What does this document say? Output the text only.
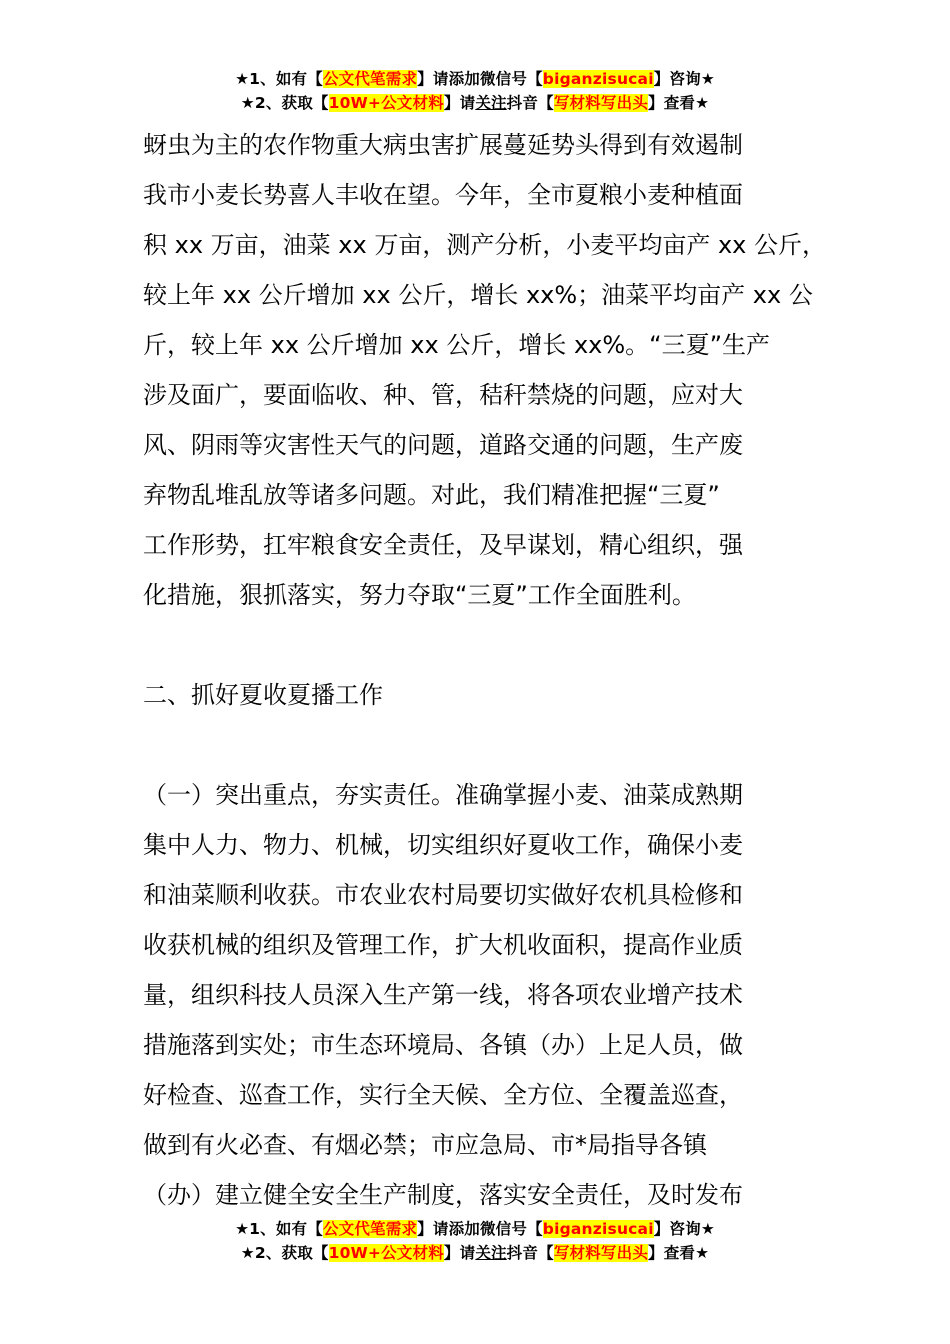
★1、如有【公文代笔需求】请添加微信号【biganzisucai】咨询★
★2、获取【10W+公文材料】请关注抖音【写材料写出头】查看★
蚜虫为主的农作物重大病虫害扩展蔓延势头得到有效遏制
我市小麦长势喜人丰收在望。今年，全市夏粮小麦种植面
积 xx 万亩，油菜 xx 万亩，测产分析，小麦平均亩产 xx 公斤，
较上年 xx 公斤增加 xx 公斤，增长 xx%；油菜平均亩产 xx 公
斤，较上年 xx 公斤增加 xx 公斤，增长 xx%。“三夏”生产
涉及面广，要面临收、种、管，秸秆禁烧的问题，应对大
风、阴雨等灾害性天气的问题，道路交通的问题，生产废
弃物乱堆乱放等诸多问题。对此，我们精准把握“三夏”
工作形势，扛牢粮食安全责任，及早谋划，精心组织，强
化措施，狠抓落实，努力夺取“三夏”工作全面胜利。
二、抓好夏收夏播工作
（一）突出重点，夯实责任。准确掌握小麦、油菜成熟期
集中人力、物力、机械，切实组织好夏收工作，确保小麦
和油菜顺利收获。市农业农村局要切实做好农机具检修和
收获机械的组织及管理工作，扩大机收面积，提高作业质
量，组织科技人员深入生产第一线，将各项农业增产技术
措施落到实处；市生态环境局、各镇（办）上足人员，做
好检查、巡查工作，实行全天候、全方位、全覆盖巡查，
做到有火必查、有烟必禁；市应急局、市*局指导各镇
（办）建立健全安全生产制度，落实安全责任，及时发布
★1、如有【公文代笔需求】请添加微信号【biganzisucai】咨询★
★2、获取【10W+公文材料】请关注抖音【写材料写出头】查看★
